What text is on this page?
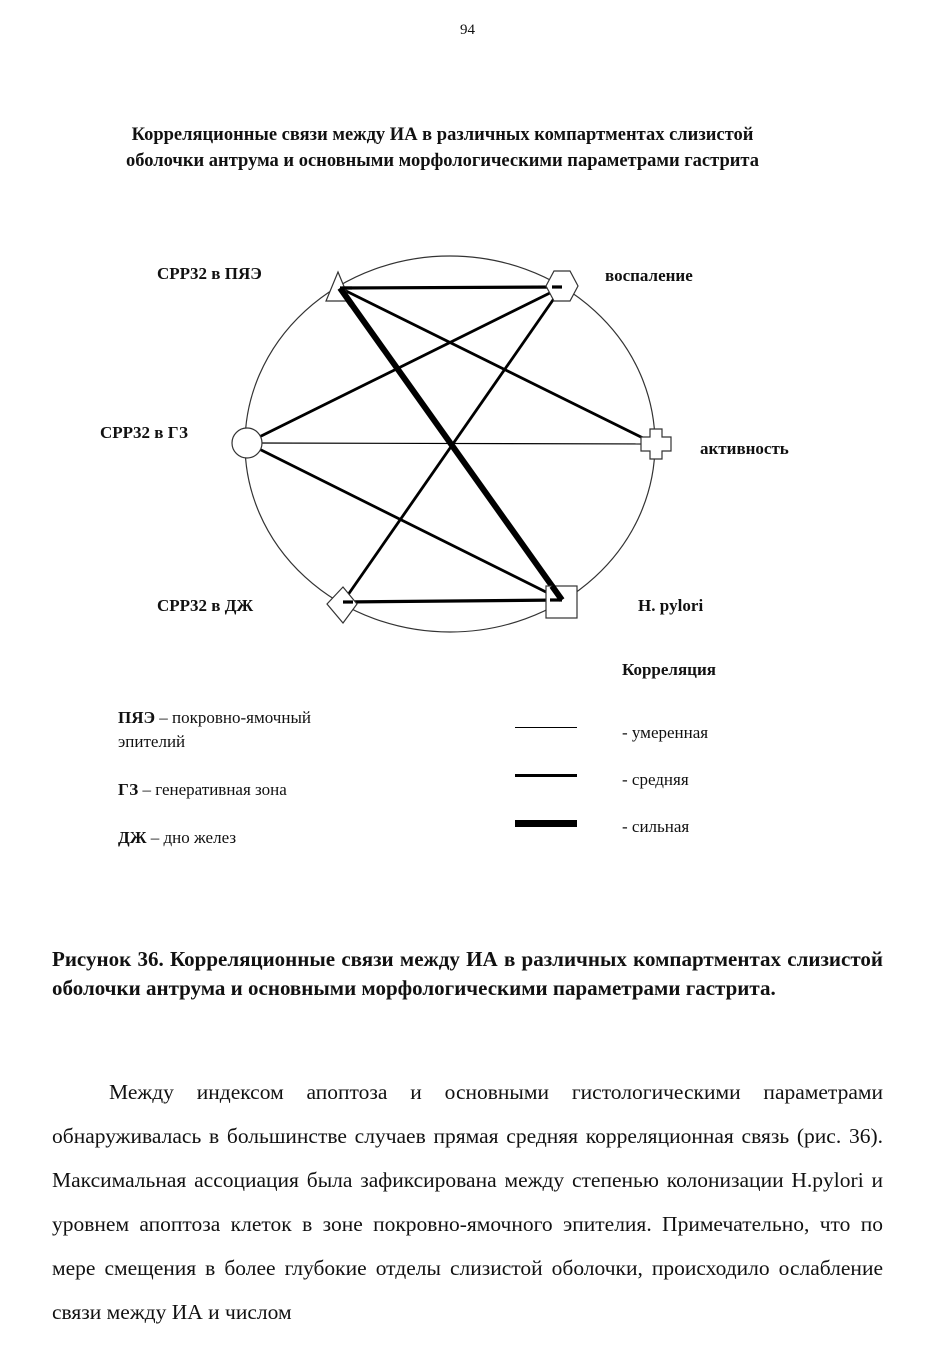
94
Корреляционные связи между ИА в различных компартментах слизистой оболочки антрума и основными морфологическими параметрами гастрита
CPP32 в ПЯЭ	воспаление
CPP32 в ГЗ
активность
CPP32 в ДЖ	H. pylori
Корреляция
ПЯЭ – покровно-ямочный эпителий
ГЗ – генеративная зона
ДЖ – дно желез
- умеренная
- средняя
- сильная
Рисунок 36. Корреляционные связи между ИА в различных компартментах слизистой оболочки антрума и основными морфологическими параметрами гастрита.
Между индексом апоптоза и основными гистологическими параметрами обнаруживалась в большинстве случаев прямая средняя корреляционная связь (рис. 36). Максимальная ассоциация была зафиксирована между степенью колонизации H.pylori и уровнем апоптоза клеток в зоне покровно-ямочного эпителия. Примечательно, что по мере смещения в более глубокие отделы слизистой оболочки, происходило ослабление связи между ИА и числом
